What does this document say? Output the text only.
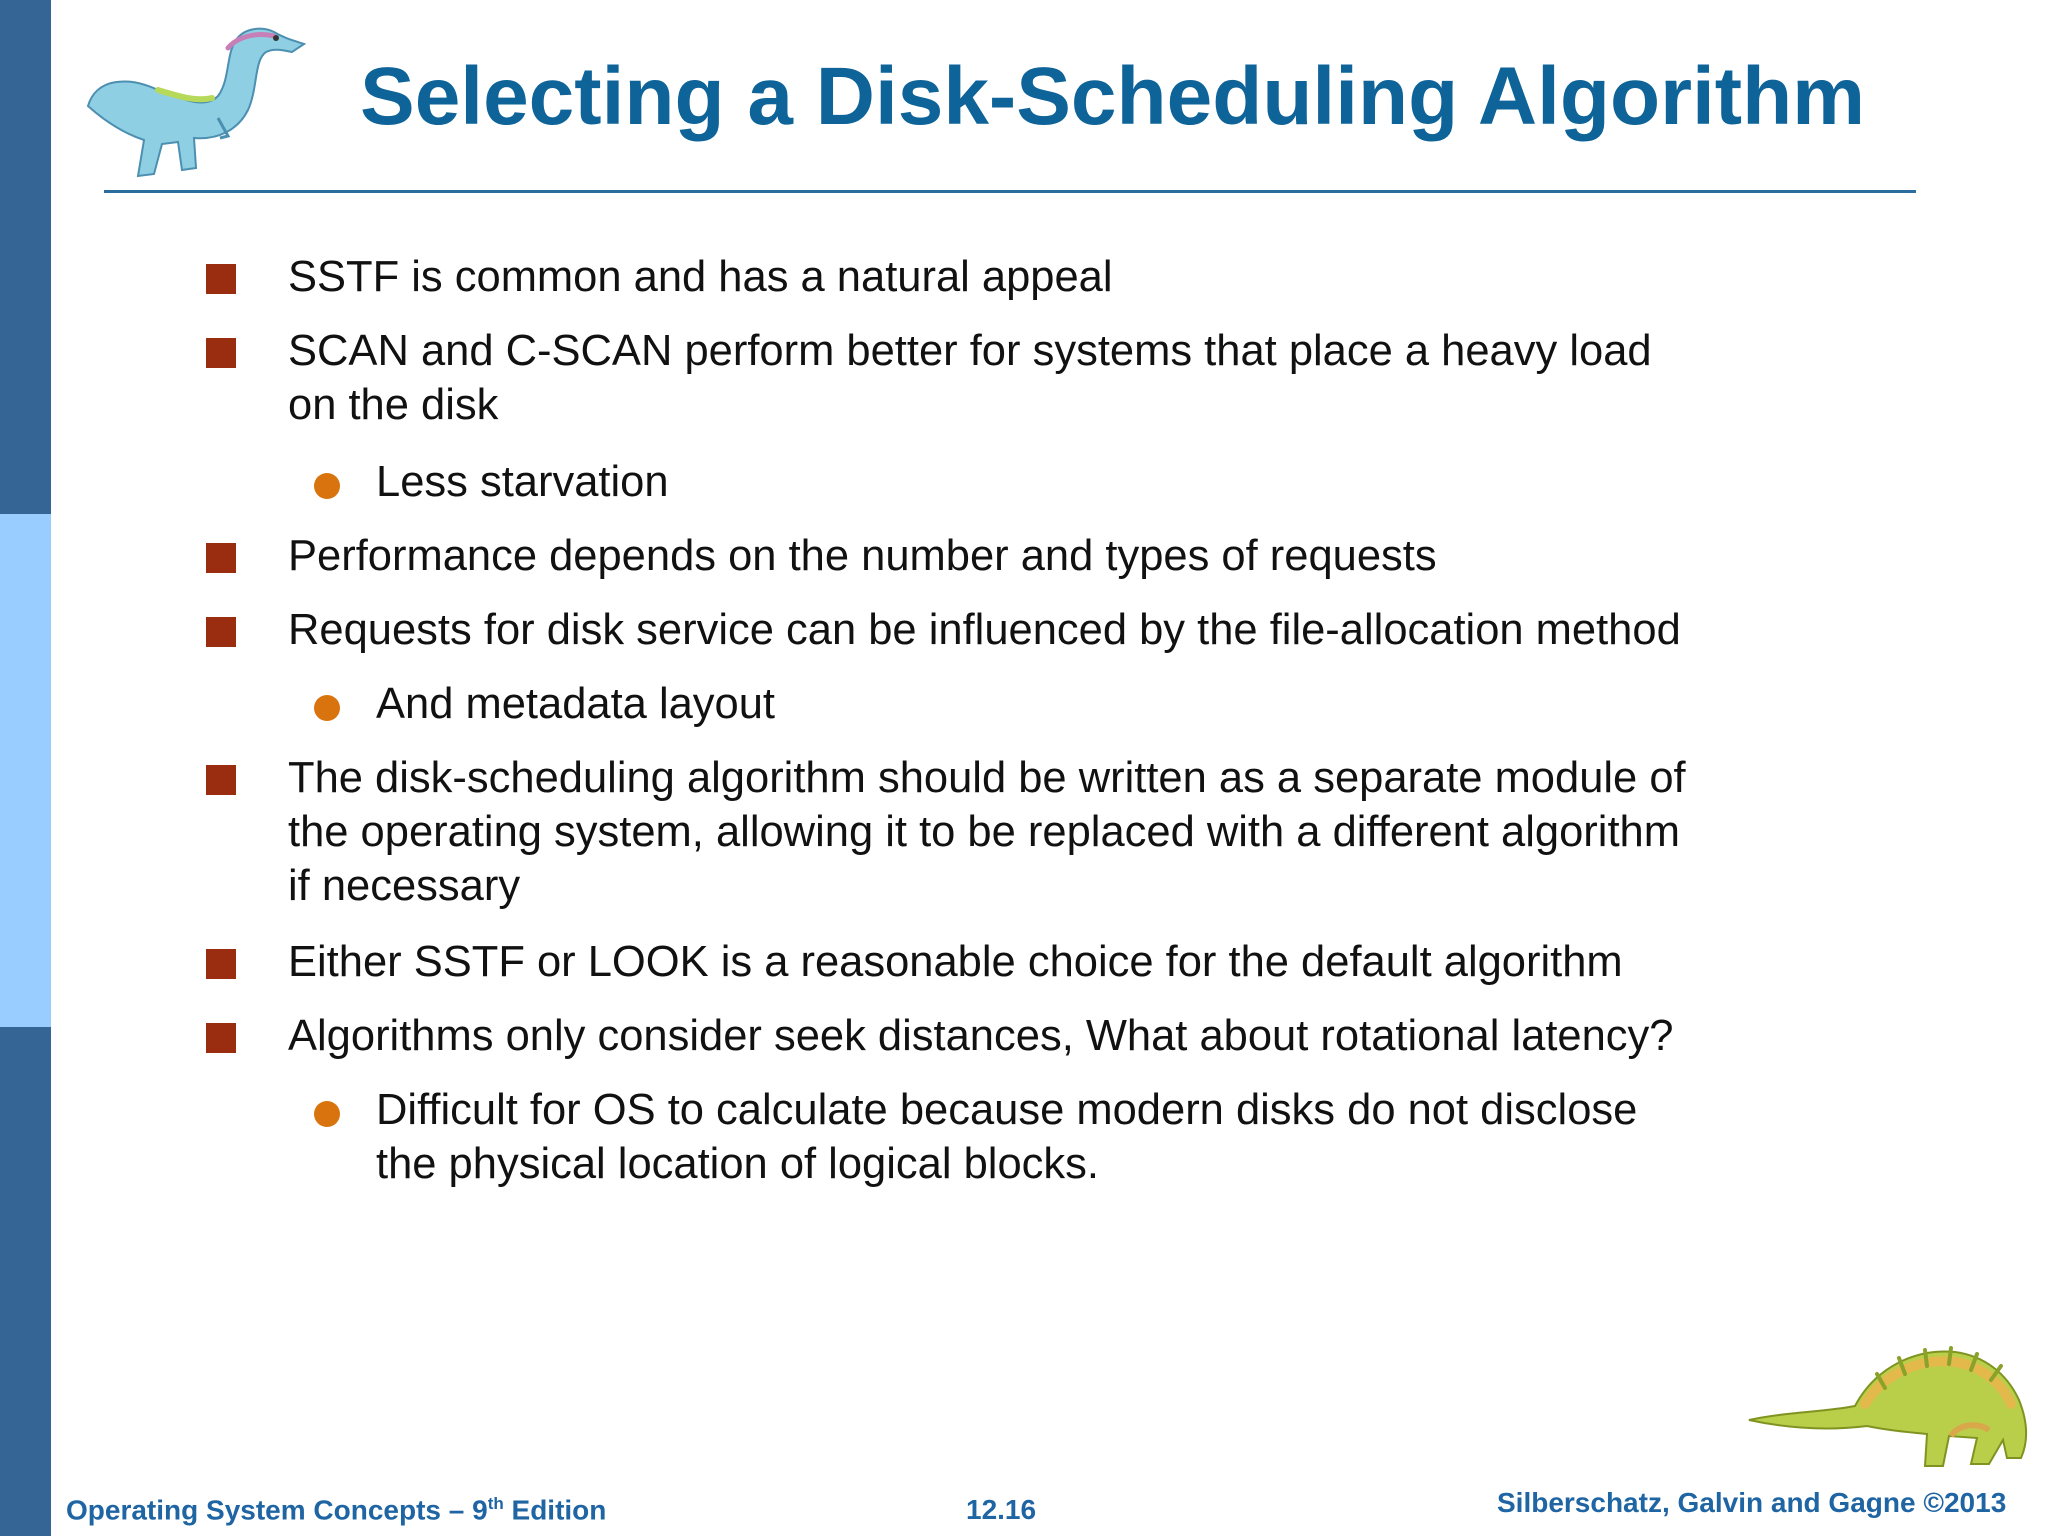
Selecting a Disk-Scheduling Algorithm
SSTF is common and has a natural appeal
SCAN and C-SCAN perform better for systems that place a heavy load
on the disk
Less starvation
Performance depends on the number and types of requests
Requests for disk service can be influenced by the file-allocation method
And metadata layout
The disk-scheduling algorithm should be written as a separate module of
the operating system, allowing it to be replaced with a different algorithm
if necessary
Either SSTF or LOOK is a reasonable choice for the default algorithm
Algorithms only consider seek distances, What about rotational latency?
Difficult for OS to calculate because modern disks do not disclose
the physical location of logical blocks.
Operating System Concepts – 9th Edition	12.16	Silberschatz, Galvin and Gagne ©2013
